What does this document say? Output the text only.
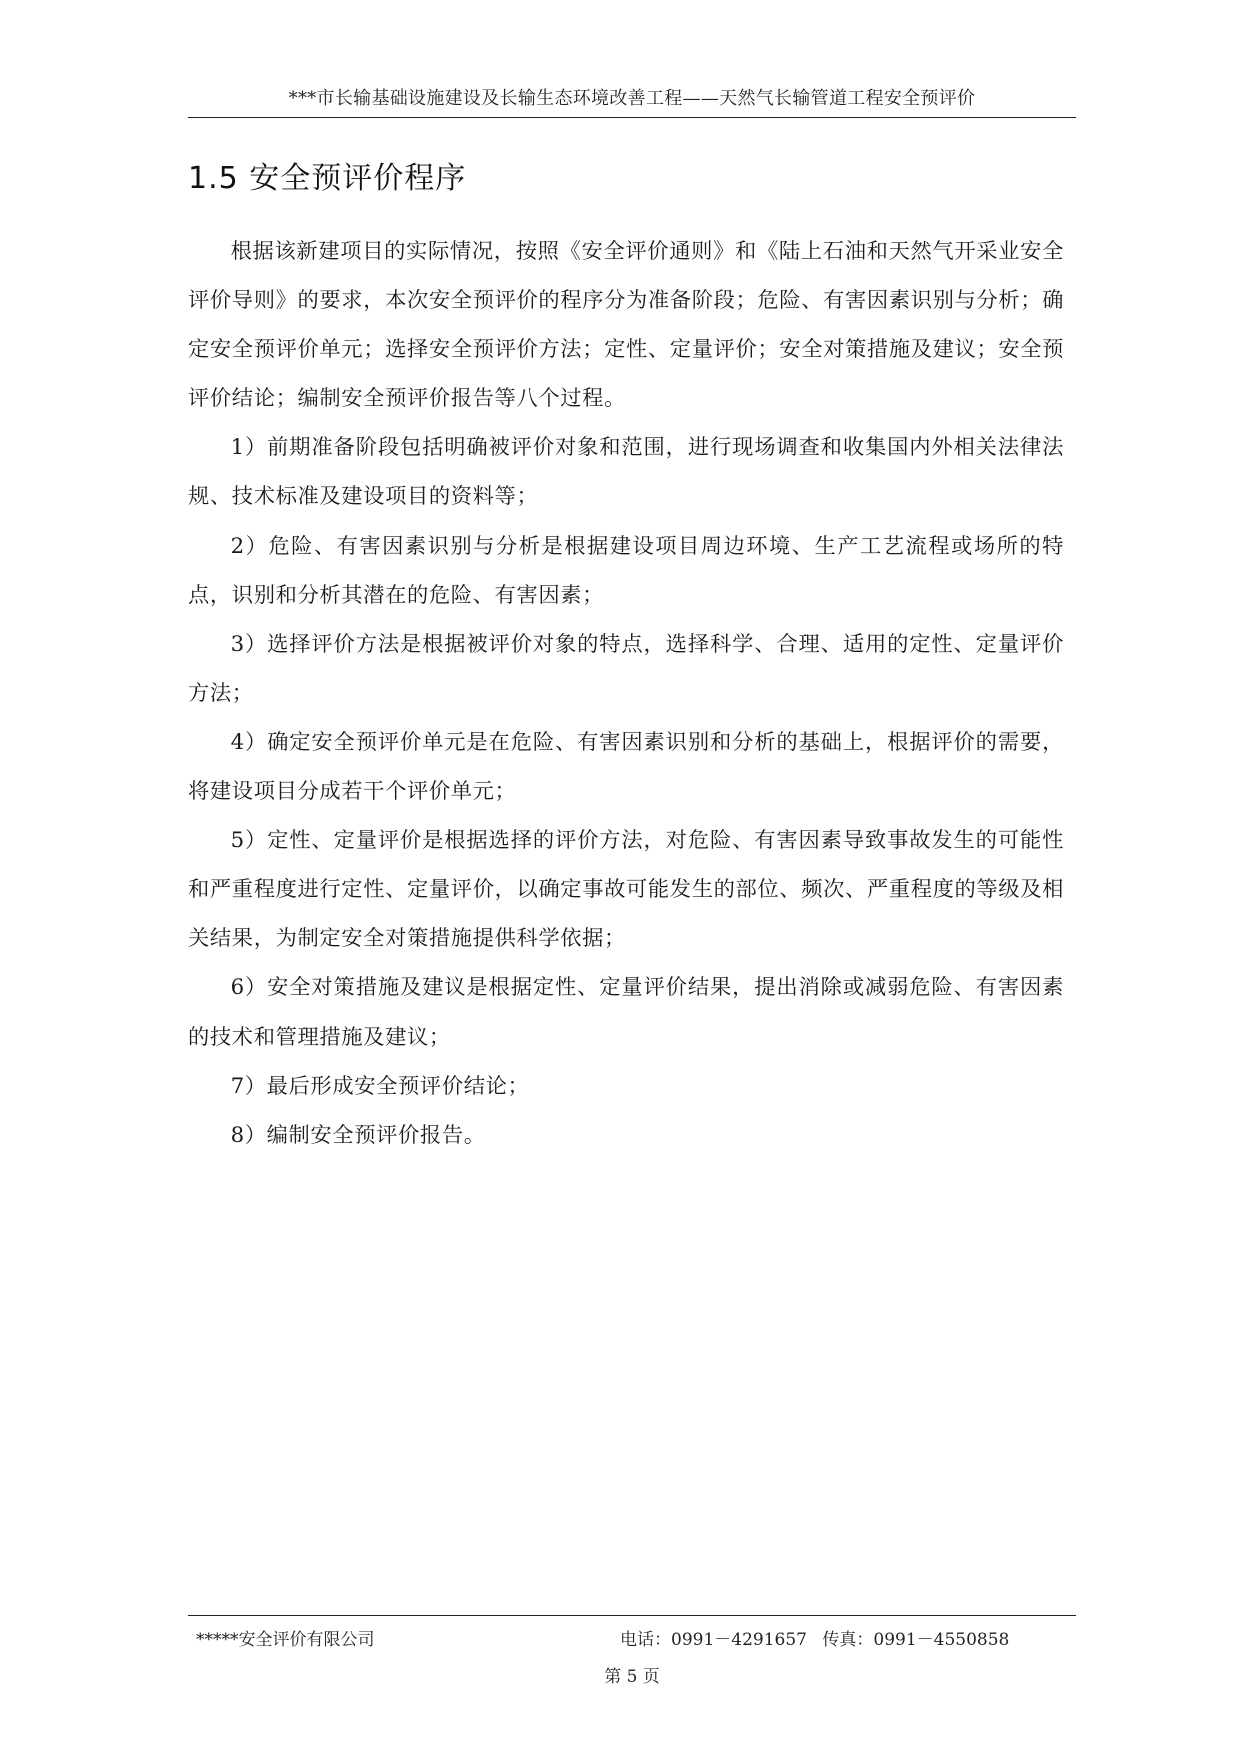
***市长输基础设施建设及长输生态环境改善工程——天然气长输管道工程安全预评价
1.5 安全预评价程序

根据该新建项目的实际情况，按照《安全评价通则》和《陆上石油和天然气开采业安全评价导则》的要求，本次安全预评价的程序分为准备阶段；危险、有害因素识别与分析；确定安全预评价单元；选择安全预评价方法；定性、定量评价；安全对策措施及建议；安全预评价结论；编制安全预评价报告等八个过程。

1）前期准备阶段包括明确被评价对象和范围，进行现场调查和收集国内外相关法律法规、技术标准及建设项目的资料等；

2）危险、有害因素识别与分析是根据建设项目周边环境、生产工艺流程或场所的特点，识别和分析其潜在的危险、有害因素；

3）选择评价方法是根据被评价对象的特点，选择科学、合理、适用的定性、定量评价方法；

4）确定安全预评价单元是在危险、有害因素识别和分析的基础上，根据评价的需要，将建设项目分成若干个评价单元；

5）定性、定量评价是根据选择的评价方法，对危险、有害因素导致事故发生的可能性和严重程度进行定性、定量评价，以确定事故可能发生的部位、频次、严重程度的等级及相关结果，为制定安全对策措施提供科学依据；

6）安全对策措施及建议是根据定性、定量评价结果，提出消除或减弱危险、有害因素的技术和管理措施及建议；

7）最后形成安全预评价结论；

8）编制安全预评价报告。

*****安全评价有限公司	电话：0991－4291657 传真：0991－4550858
第 5 页
